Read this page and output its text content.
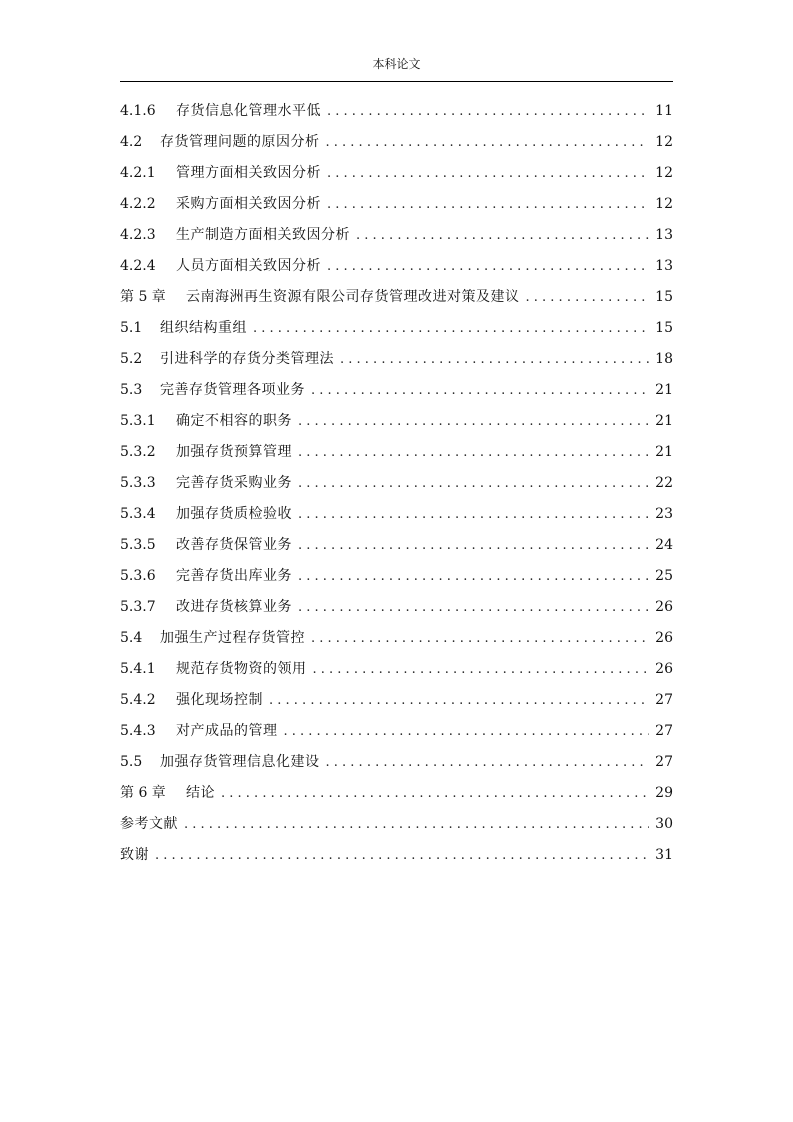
本科论文
4.1.6	存货信息化管理水平低 . . .	11
4.2	存货管理问题的原因分析 . . .	12
4.2.1	管理方面相关致因分析 . . .	12
4.2.2	采购方面相关致因分析 . . .	12
4.2.3	生产制造方面相关致因分析 . . .	13
4.2.4	人员方面相关致因分析 . . .	13
第 5 章	云南海洲再生资源有限公司存货管理改进对策及建议 . . .	15
5.1	组织结构重组 . . .	15
5.2	引进科学的存货分类管理法 . . .	18
5.3	完善存货管理各项业务 . . .	21
5.3.1	确定不相容的职务 . . .	21
5.3.2	加强存货预算管理 . . .	21
5.3.3	完善存货采购业务 . . .	22
5.3.4	加强存货质检验收 . . .	23
5.3.5	改善存货保管业务 . . .	24
5.3.6	完善存货出库业务 . . .	25
5.3.7	改进存货核算业务 . . .	26
5.4	加强生产过程存货管控 . . .	26
5.4.1	规范存货物资的领用 . . .	26
5.4.2	强化现场控制 . . .	27
5.4.3	对产成品的管理 . . .	27
5.5	加强存货管理信息化建设 . . .	27
第 6 章	结论 . . .	29
参考文献 . . .	30
致谢 . . .	31
